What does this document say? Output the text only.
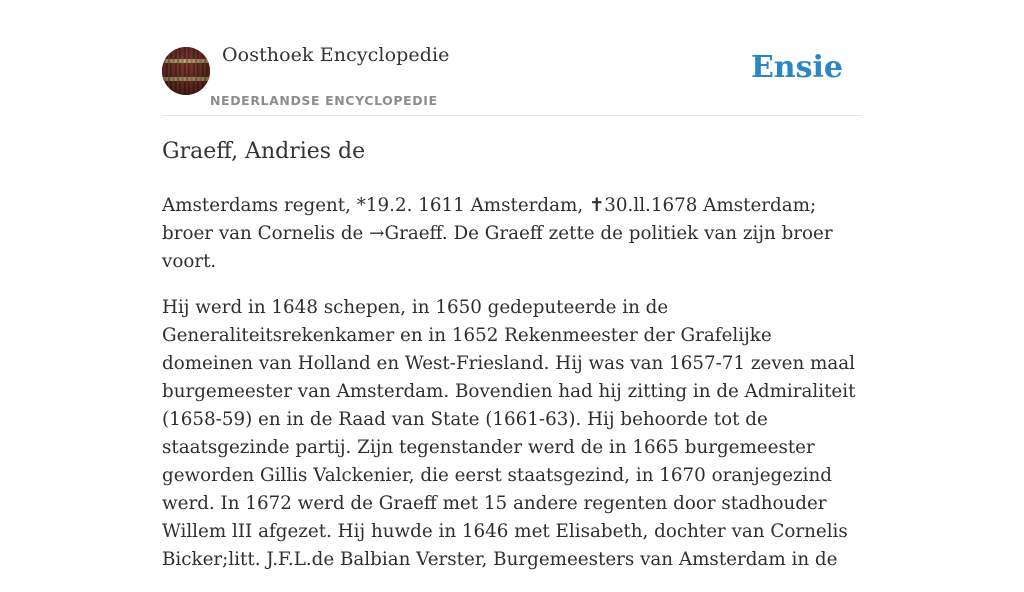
Oosthoek Encyclopedie
NEDERLANDSE ENCYCLOPEDIE
Ensie
Graeff, Andries de

Amsterdams regent, *19.2. 1611 Amsterdam, ✝30.ll.1678 Amsterdam; broer van Cornelis de →Graeff. De Graeff zette de politiek van zijn broer voort.

Hij werd in 1648 schepen, in 1650 gedeputeerde in de Generaliteitsrekenkamer en in 1652 Rekenmeester der Grafelijke domeinen van Holland en West-Friesland. Hij was van 1657-71 zeven maal burgemeester van Amsterdam. Bovendien had hij zitting in de Admiraliteit (1658-59) en in de Raad van State (1661-63). Hij behoorde tot de staatsgezinde partij. Zijn tegenstander werd de in 1665 burgemeester geworden Gillis Valckenier, die eerst staatsgezind, in 1670 oranjegezind werd. In 1672 werd de Graeff met 15 andere regenten door stadhouder Willem lII afgezet. Hij huwde in 1646 met Elisabeth, dochter van Cornelis Bicker;litt. J.F.L.de Balbian Verster, Burgemeesters van Amsterdam in de
